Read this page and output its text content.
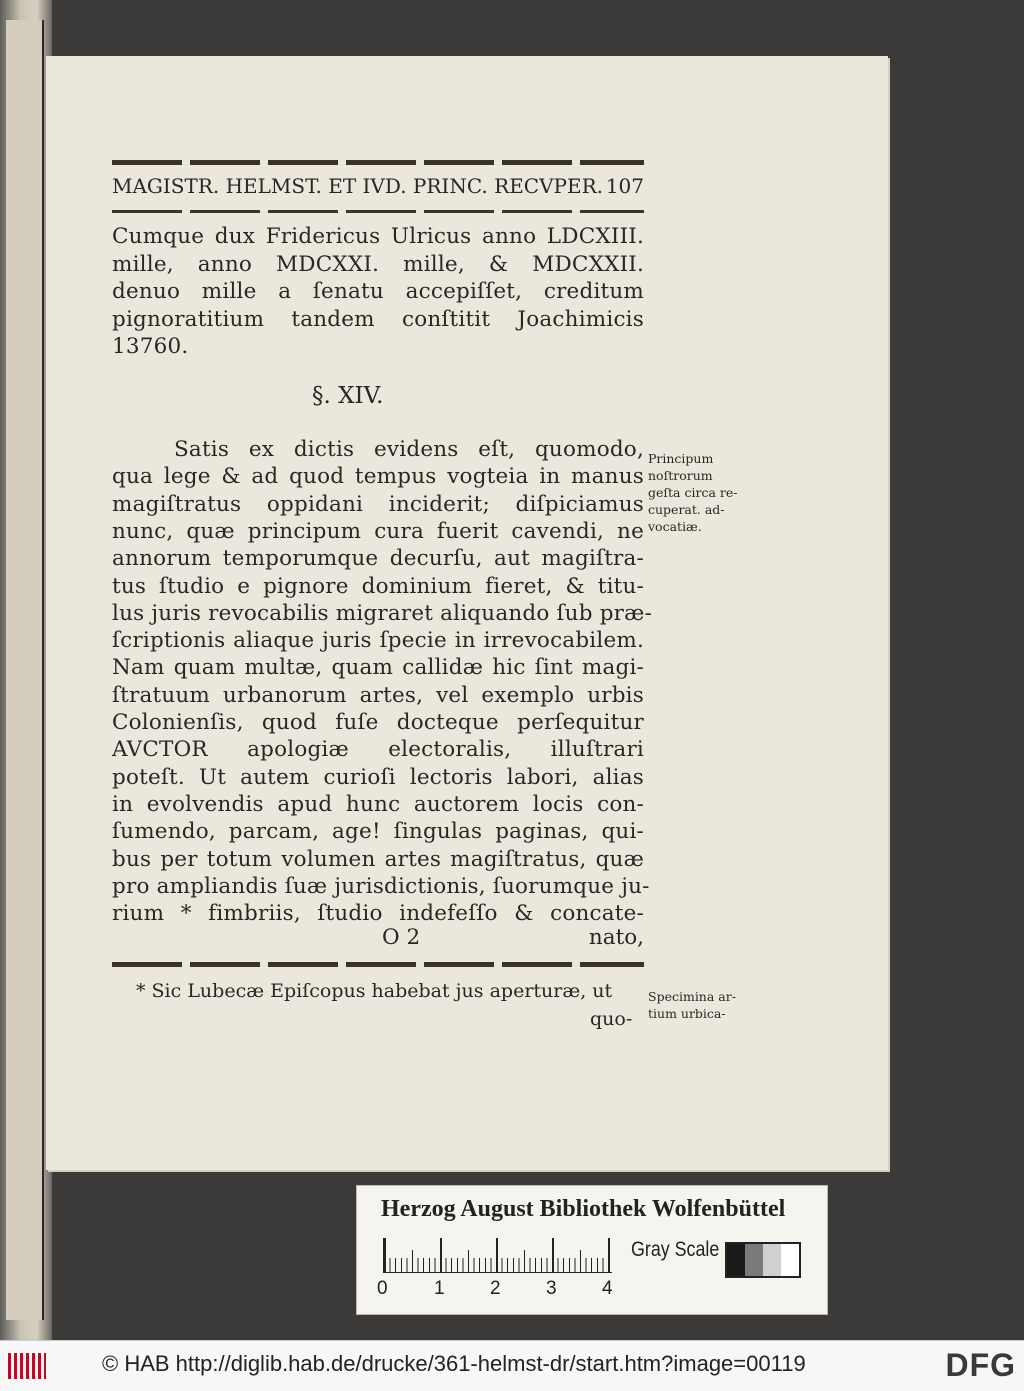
MAGISTR. HELMST. ET IVD. PRINC. RECVPER. 107
Cumque dux Fridericus Ulricus anno LDCXIII.
mille, anno MDCXXI. mille, & MDCXXII.
denuo mille a ſenatu accepiſſet, creditum
pignoratitium tandem conſtitit Joachimicis
13760.
§. XIV.
Satis ex dictis evidens eſt, quomodo,
qua lege & ad quod tempus vogteia in manus
magiſtratus oppidani inciderit; diſpiciamus
nunc, quæ principum cura fuerit cavendi, ne
annorum temporumque decurſu, aut magiſtra-
tus ſtudio e pignore dominium fieret, & titu-
lus juris revocabilis migraret aliquando ſub præ-
ſcriptionis aliaque juris ſpecie in irrevocabilem.
Nam quam multæ, quam callidæ hic ſint magi-
ſtratuum urbanorum artes, vel exemplo urbis
Colonienſis, quod fuſe docteque perſequitur
AVCTOR apologiæ electoralis, illuſtrari
poteſt. Ut autem curioſi lectoris labori, alias
in evolvendis apud hunc auctorem locis con-
ſumendo, parcam, age! ſingulas paginas, qui-
bus per totum volumen artes magiſtratus, quæ
pro ampliandis ſuæ jurisdictionis, ſuorumque ju-
rium * fimbriis, ſtudio indefeſſo & concate-
Principum
noſtrorum
geſta circa re-
cuperat. ad-
vocatiæ.
O 2	nato,
* Sic Lubecæ Epiſcopus habebat jus aperturæ, ut
quo-
Specimina ar-
tium urbica-
Herzog August Bibliothek Wolfenbüttel
0 1 2 3 4
Gray Scale
© HAB http://diglib.hab.de/drucke/361-helmst-dr/start.htm?image=00119	DFG
